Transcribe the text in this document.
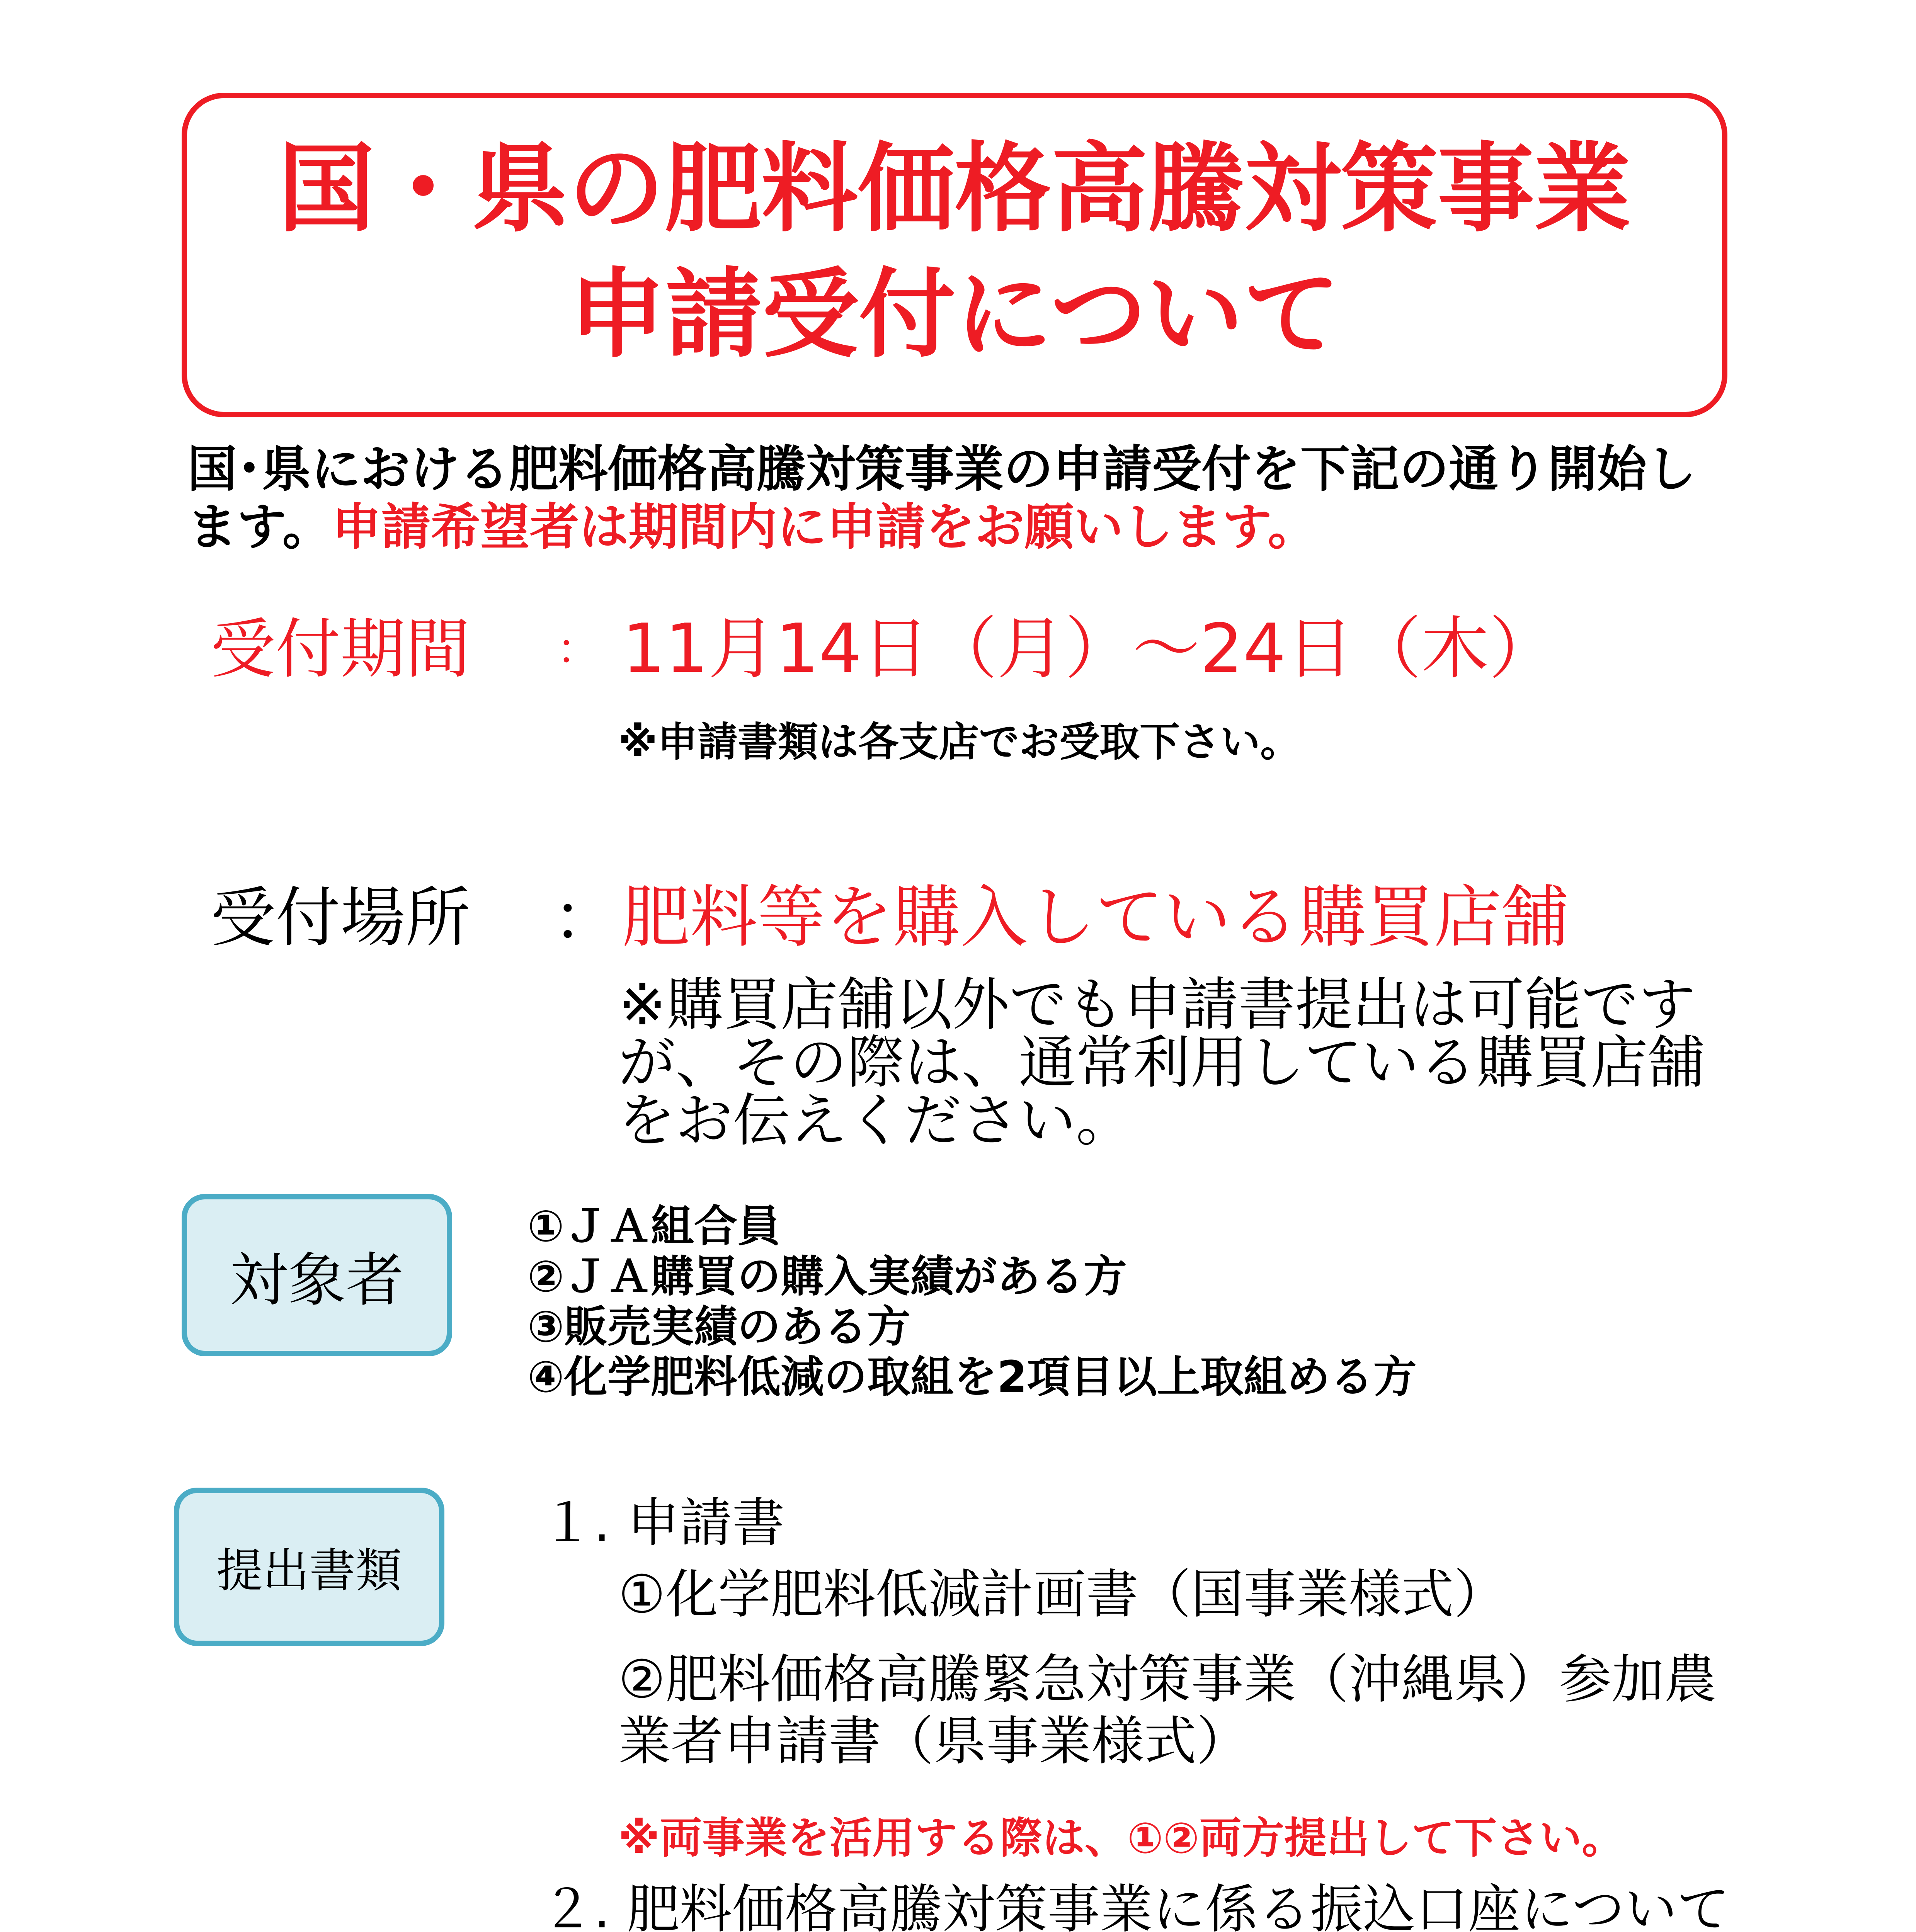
国・県の肥料価格高騰対策事業
申請受付について
国･県における肥料価格高騰対策事業の申請受付を下記の通り開始します。申請希望者は期間内に申請をお願いします。
受付期間 ： 11月14日（月）～24日（木）
※申請書類は各支店でお受取下さい。
受付場所 ： 肥料等を購入している購買店舗
※購買店舗以外でも申請書提出は可能ですが、その際は、通常利用している購買店舗をお伝えください。
対象者
①ＪＡ組合員
②ＪＡ購買の購入実績がある方
③販売実績のある方
④化学肥料低減の取組を2項目以上取組める方
提出書類
１. 申請書
①化学肥料低減計画書（国事業様式）
②肥料価格高騰緊急対策事業（沖縄県）参加農
業者申請書（県事業様式）
※両事業を活用する際は、①②両方提出して下さい。
２. 肥料価格高騰対策事業に係る振込口座について
